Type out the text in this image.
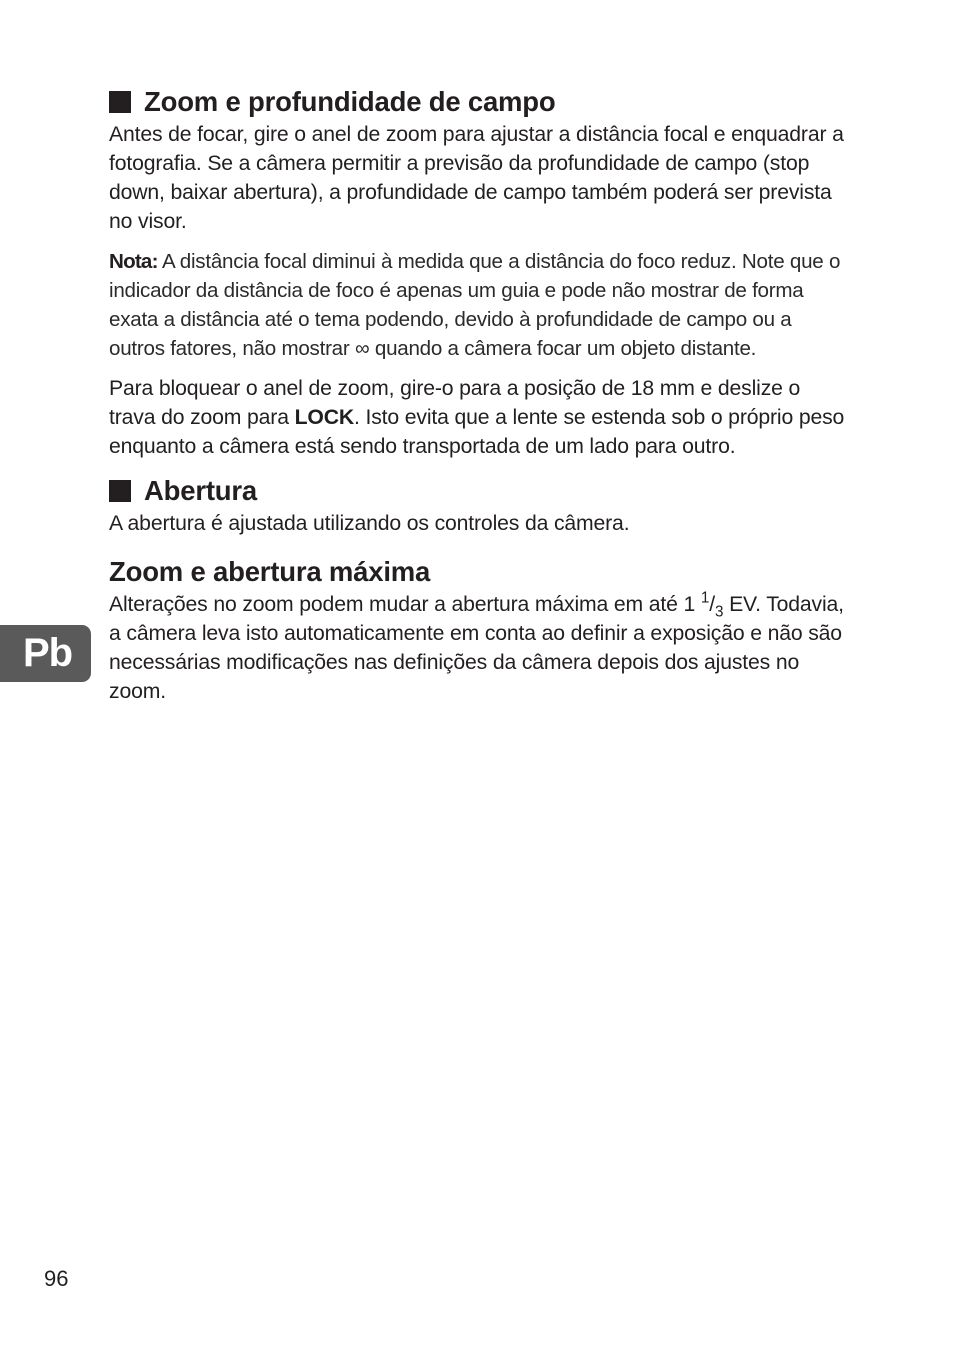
Pb
Zoom e profundidade de campo

Antes de focar, gire o anel de zoom para ajustar a distância focal e enquadrar a fotografia. Se a câmera permitir a previsão da profundidade de campo (stop down, baixar abertura), a profundidade de campo também poderá ser prevista no visor.

Nota: A distância focal diminui à medida que a distância do foco reduz. Note que o indicador da distância de foco é apenas um guia e pode não mostrar de forma exata a distância até o tema podendo, devido à profundidade de campo ou a outros fatores, não mostrar ∞ quando a câmera focar um objeto distante.

Para bloquear o anel de zoom, gire-o para a posição de 18 mm e deslize o trava do zoom para LOCK. Isto evita que a lente se estenda sob o próprio peso enquanto a câmera está sendo transportada de um lado para outro.

Abertura

A abertura é ajustada utilizando os controles da câmera.

Zoom e abertura máxima

Alterações no zoom podem mudar a abertura máxima em até 1 $^1/_3$ EV. Todavia, a câmera leva isto automaticamente em conta ao definir a exposição e não são necessárias modificações nas definições da câmera depois dos ajustes no zoom.

96
